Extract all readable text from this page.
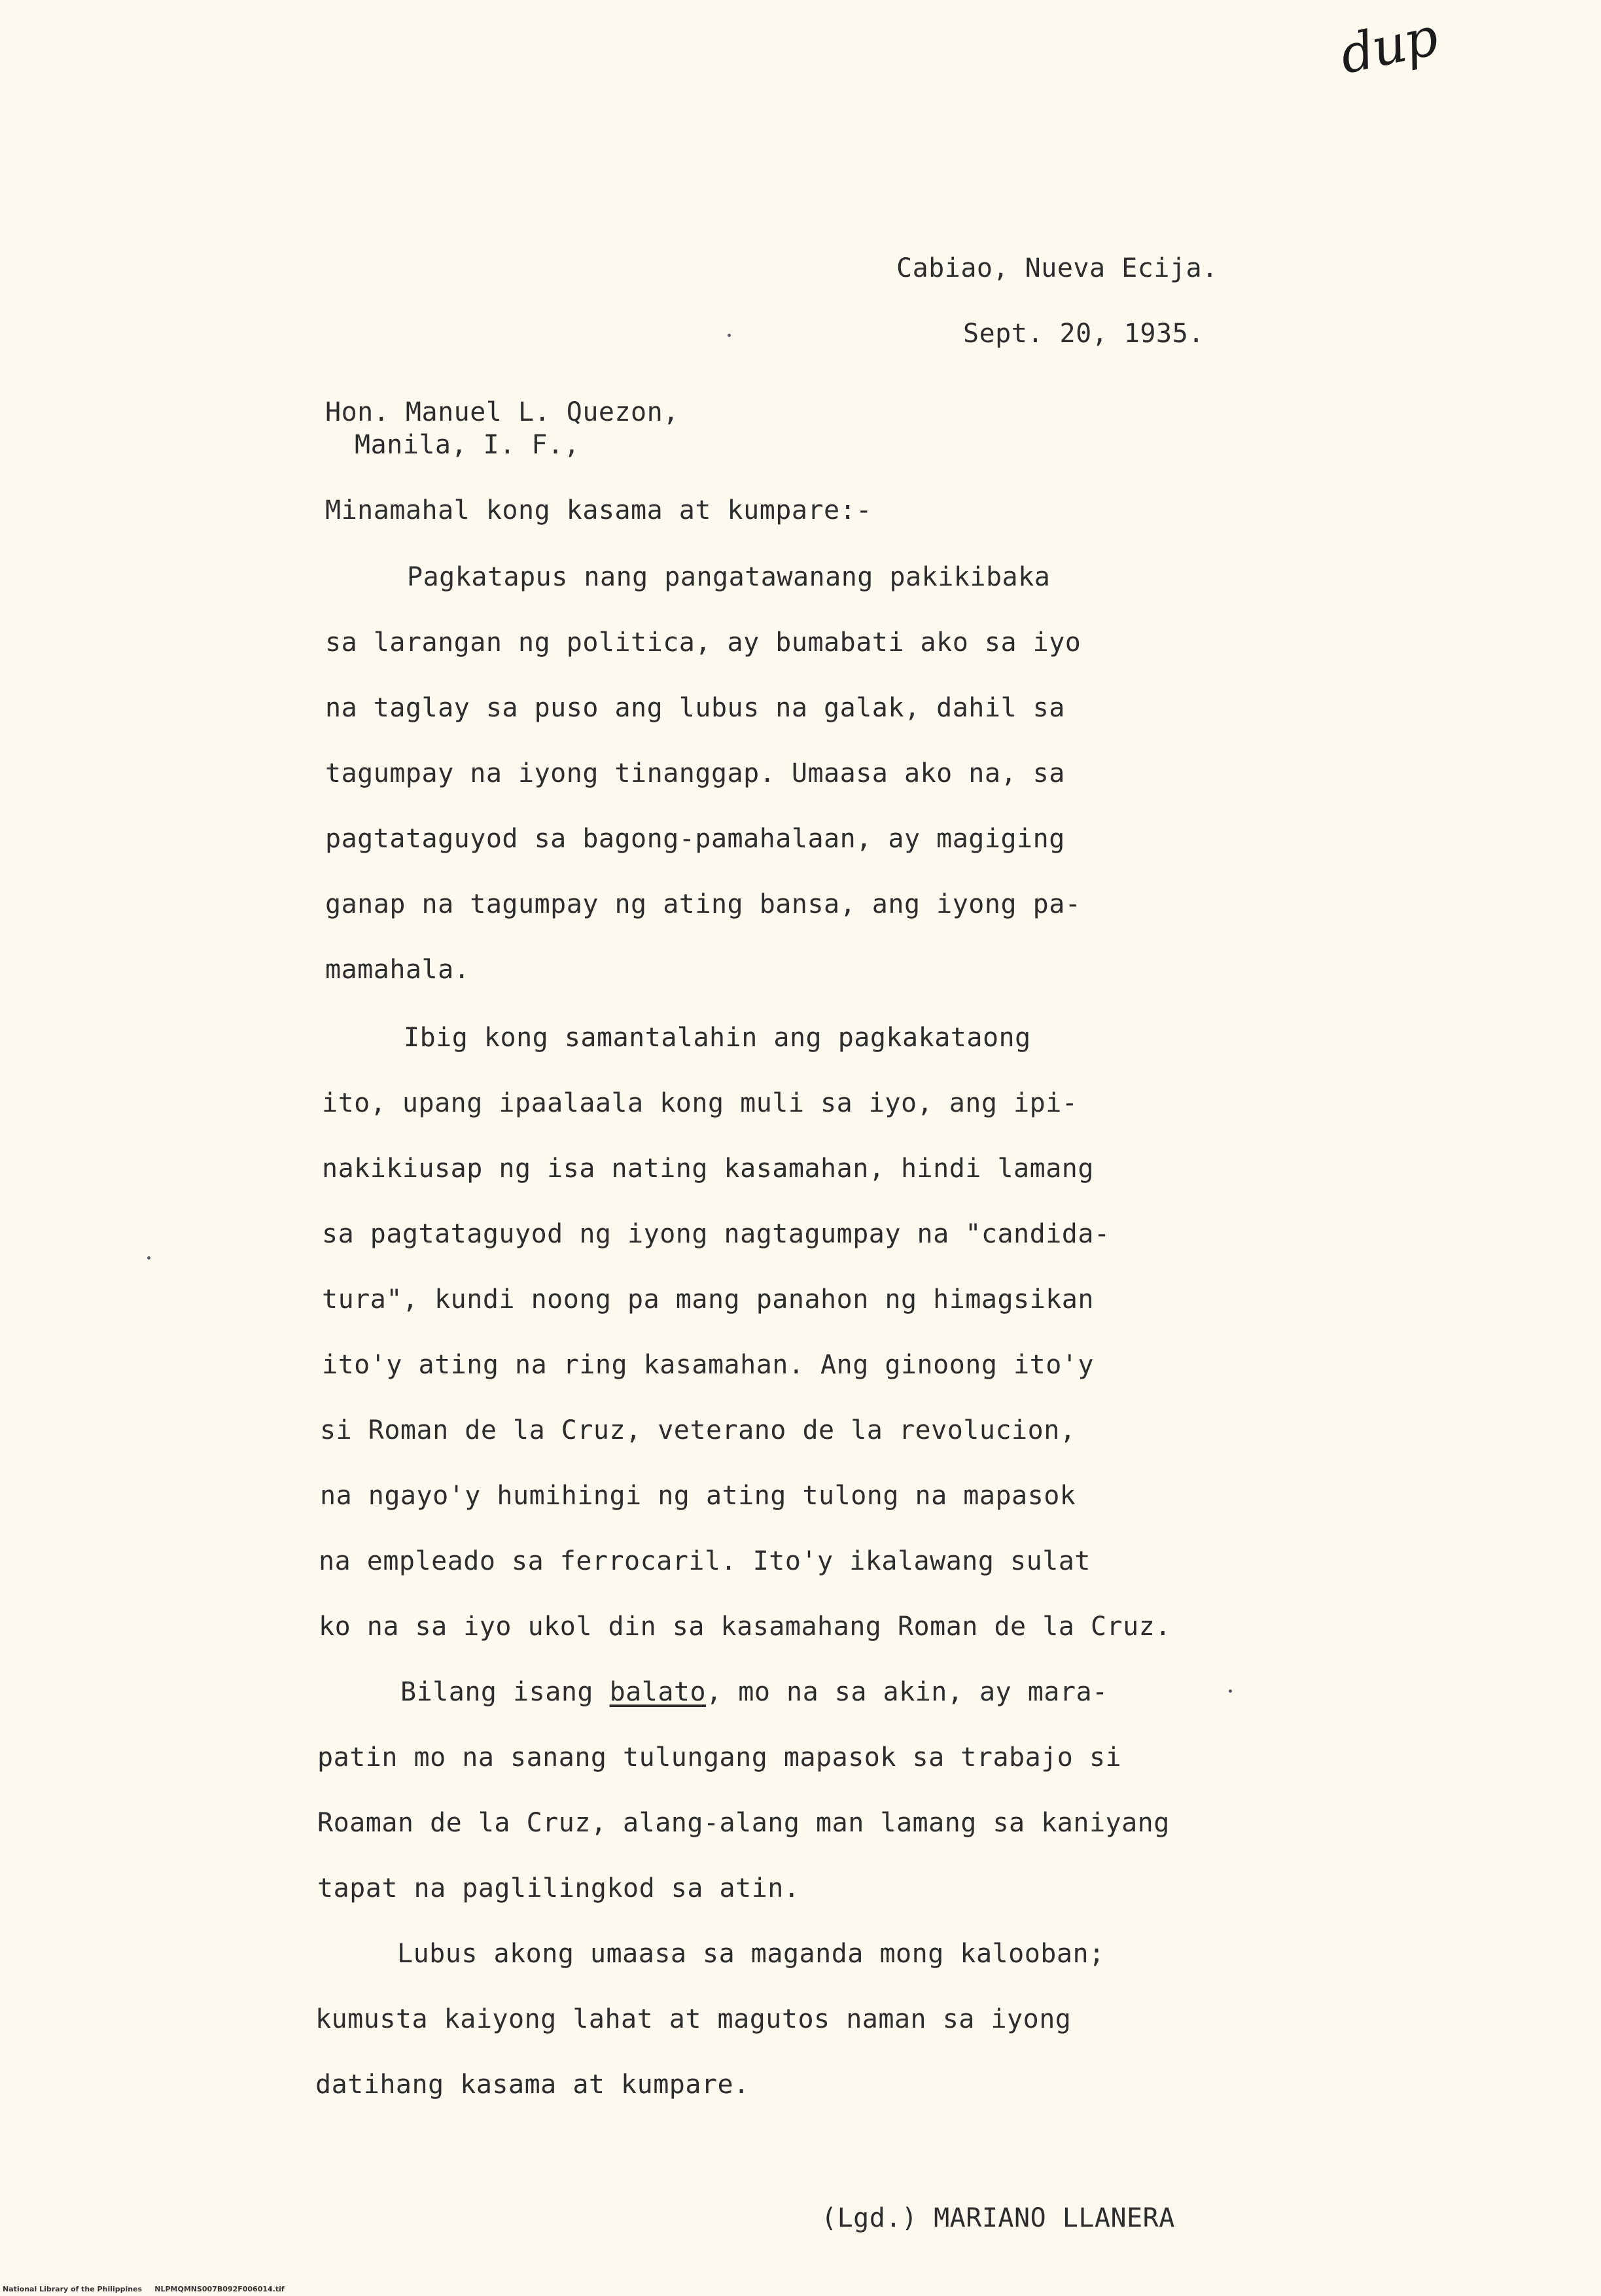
dup
Cabiao, Nueva Ecija.
Sept. 20, 1935.
Hon. Manuel L. Quezon,
Manila, I. F.,
Minamahal kong kasama at kumpare:-
Pagkatapus nang pangatawanang pakikibaka
sa larangan ng politica, ay bumabati ako sa iyo
na taglay sa puso ang lubus na galak, dahil sa
tagumpay na iyong tinanggap. Umaasa ako na, sa
pagtataguyod sa bagong-pamahalaan, ay magiging
ganap na tagumpay ng ating bansa, ang iyong pa-
mamahala.
Ibig kong samantalahin ang pagkakataong
ito, upang ipaalaala kong muli sa iyo, ang ipi-
nakikiusap ng isa nating kasamahan, hindi lamang
sa pagtataguyod ng iyong nagtagumpay na "candida-
tura", kundi noong pa mang panahon ng himagsikan
ito'y ating na ring kasamahan. Ang ginoong ito'y
si Roman de la Cruz, veterano de la revolucion,
na ngayo'y humihingi ng ating tulong na mapasok
na empleado sa ferrocaril. Ito'y ikalawang sulat
ko na sa iyo ukol din sa kasamahang Roman de la Cruz.
Bilang isang balato, mo na sa akin, ay mara-
patin mo na sanang tulungang mapasok sa trabajo si
Roaman de la Cruz, alang-alang man lamang sa kaniyang
tapat na paglilingkod sa atin.
Lubus akong umaasa sa maganda mong kalooban;
kumusta kaiyong lahat at magutos naman sa iyong
datihang kasama at kumpare.
(Lgd.) MARIANO LLANERA
National Library of the Philippines     NLPMQMNS007B092F006014.tif
